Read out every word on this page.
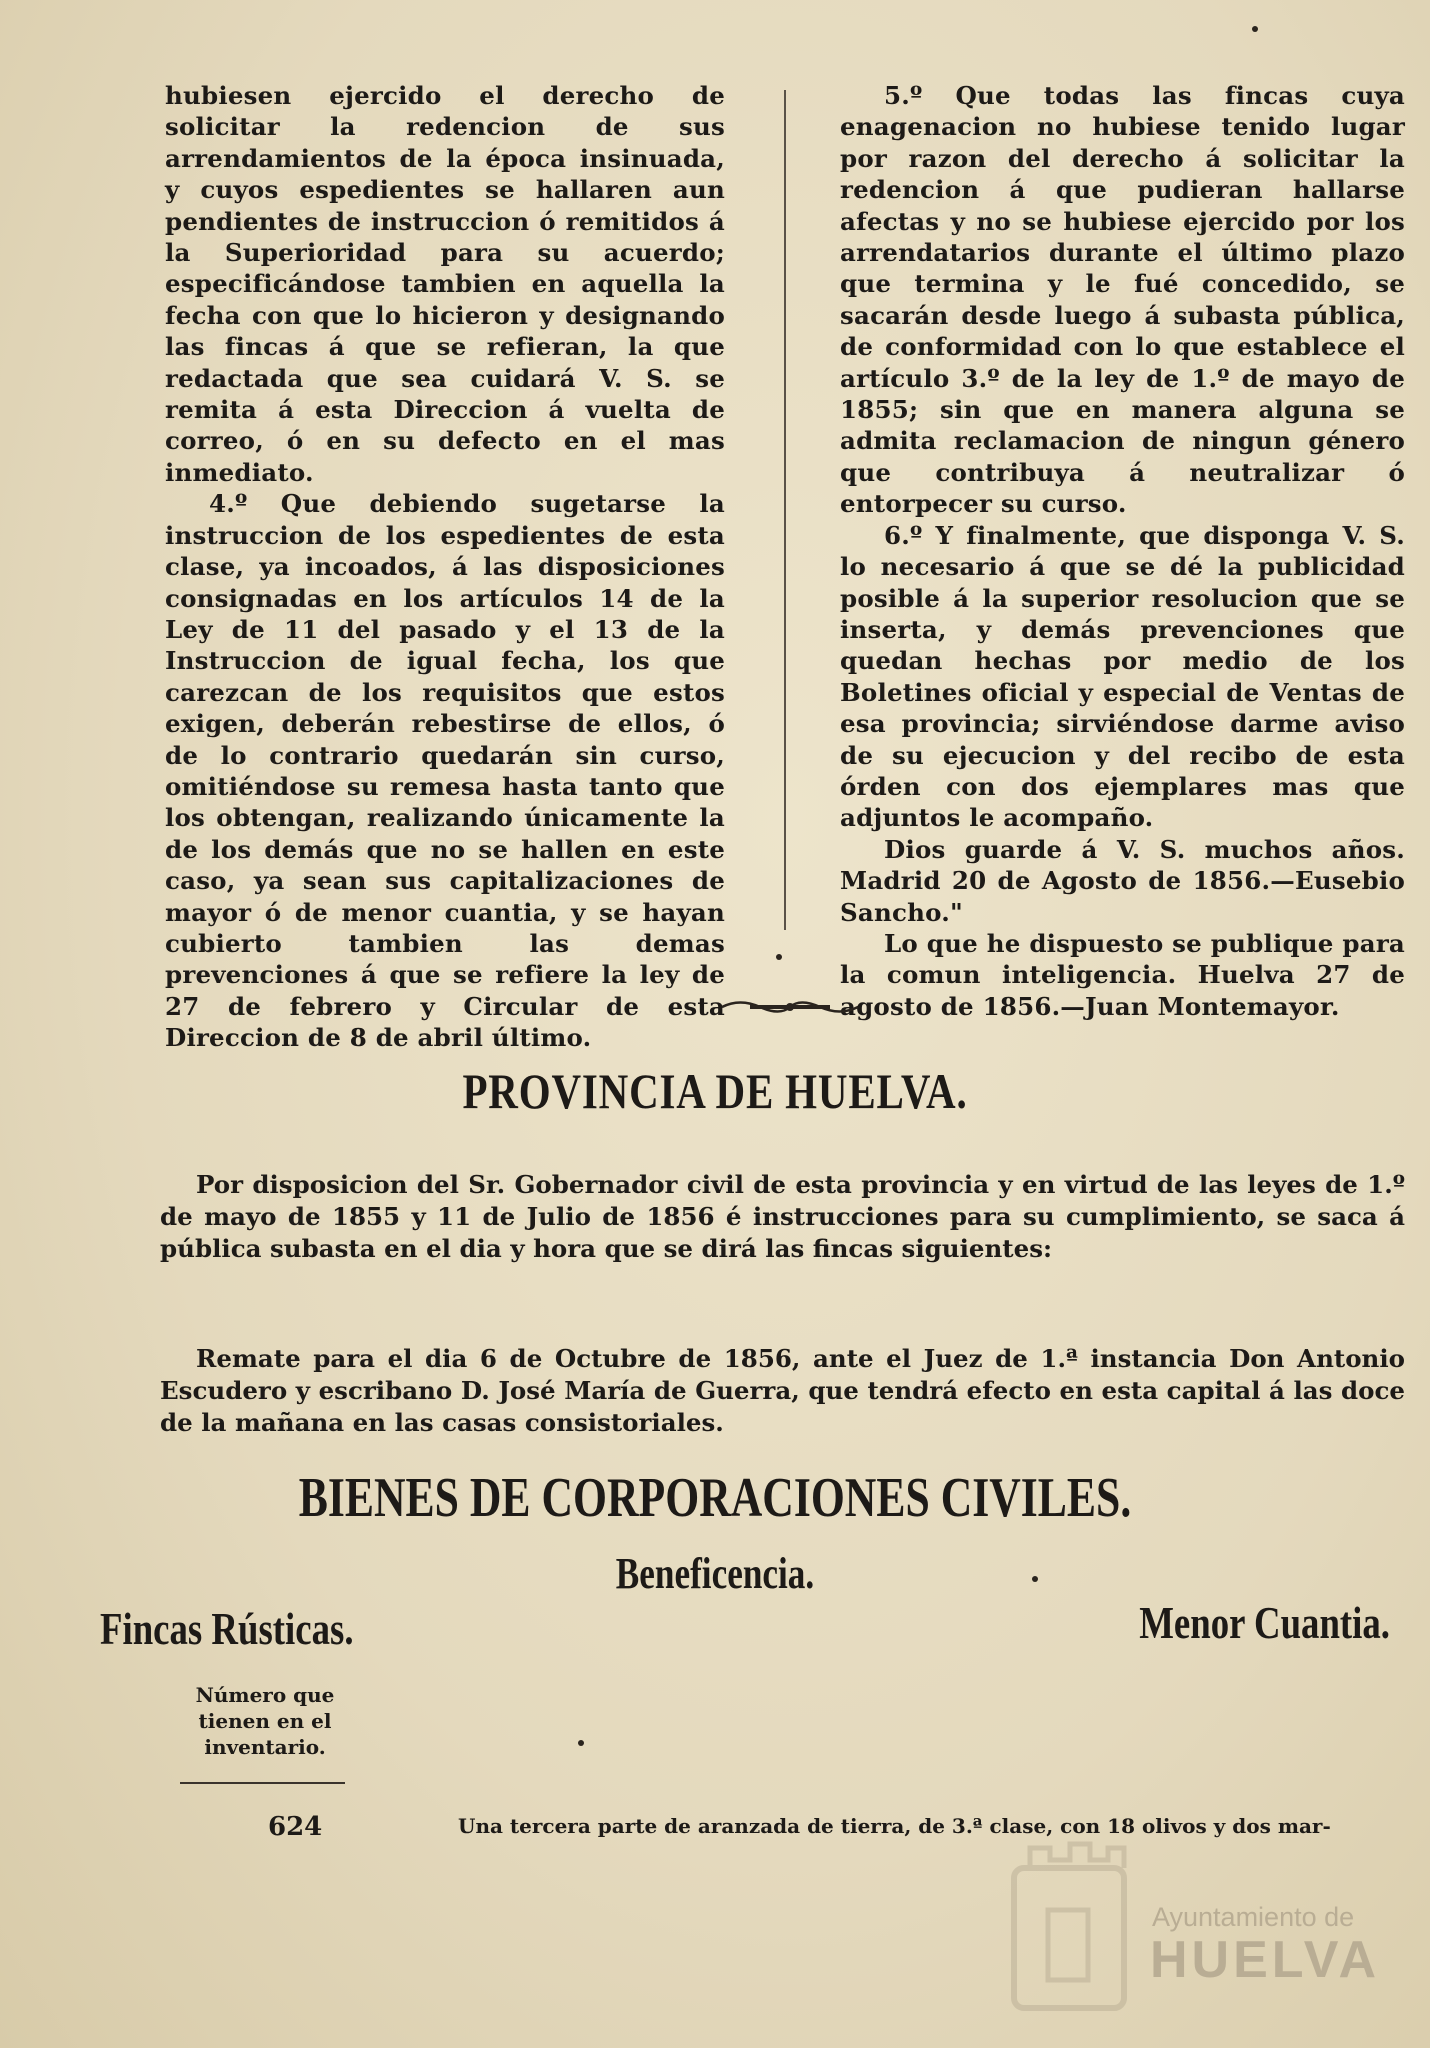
hubiesen ejercido el derecho de solicitar la redencion de sus arrendamientos de la época insinuada, y cuyos espedientes se hallaren aun pendientes de instruccion ó remitidos á la Superioridad para su acuerdo; especificándose tambien en aquella la fecha con que lo hicieron y designando las fincas á que se refieran, la que redactada que sea cuidará V. S. se remita á esta Direccion á vuelta de correo, ó en su defecto en el mas inmediato.

4.º Que debiendo sugetarse la instruccion de los espedientes de esta clase, ya incoados, á las disposiciones consignadas en los artículos 14 de la Ley de 11 del pasado y el 13 de la Instruccion de igual fecha, los que carezcan de los requisitos que estos exigen, deberán rebestirse de ellos, ó de lo contrario quedarán sin curso, omitiéndose su remesa hasta tanto que los obtengan, realizando únicamente la de los demás que no se hallen en este caso, ya sean sus capitalizaciones de mayor ó de menor cuantia, y se hayan cubierto tambien las demas prevenciones á que se refiere la ley de 27 de febrero y Circular de esta Direccion de 8 de abril último.

5.º Que todas las fincas cuya enagenacion no hubiese tenido lugar por razon del derecho á solicitar la redencion á que pudieran hallarse afectas y no se hubiese ejercido por los arrendatarios durante el último plazo que termina y le fué concedido, se sacarán desde luego á subasta pública, de conformidad con lo que establece el artículo 3.º de la ley de 1.º de mayo de 1855; sin que en manera alguna se admita reclamacion de ningun género que contribuya á neutralizar ó entorpecer su curso.

6.º Y finalmente, que disponga V. S. lo necesario á que se dé la publicidad posible á la superior resolucion que se inserta, y demás prevenciones que quedan hechas por medio de los Boletines oficial y especial de Ventas de esa provincia; sirviéndose darme aviso de su ejecucion y del recibo de esta órden con dos ejemplares mas que adjuntos le acompaño.

Dios guarde á V. S. muchos años. Madrid 20 de Agosto de 1856.—Eusebio Sancho."

Lo que he dispuesto se publique para la comun inteligencia. Huelva 27 de agosto de 1856.—Juan Montemayor.

PROVINCIA DE HUELVA.

Por disposicion del Sr. Gobernador civil de esta provincia y en virtud de las leyes de 1.º de mayo de 1855 y 11 de Julio de 1856 é instrucciones para su cumplimiento, se saca á pública subasta en el dia y hora que se dirá las fincas siguientes:

Remate para el dia 6 de Octubre de 1856, ante el Juez de 1.ª instancia Don Antonio Escudero y escribano D. José María de Guerra, que tendrá efecto en esta capital á las doce de la mañana en las casas consistoriales.

BIENES DE CORPORACIONES CIVILES.
Beneficencia.
Fincas Rústicas.	Menor Cuantia.
Número que tienen en el inventario.
624	Una tercera parte de aranzada de tierra, de 3.ª clase, con 18 olivos y dos mar-
Ayuntamiento de
HUELVA
